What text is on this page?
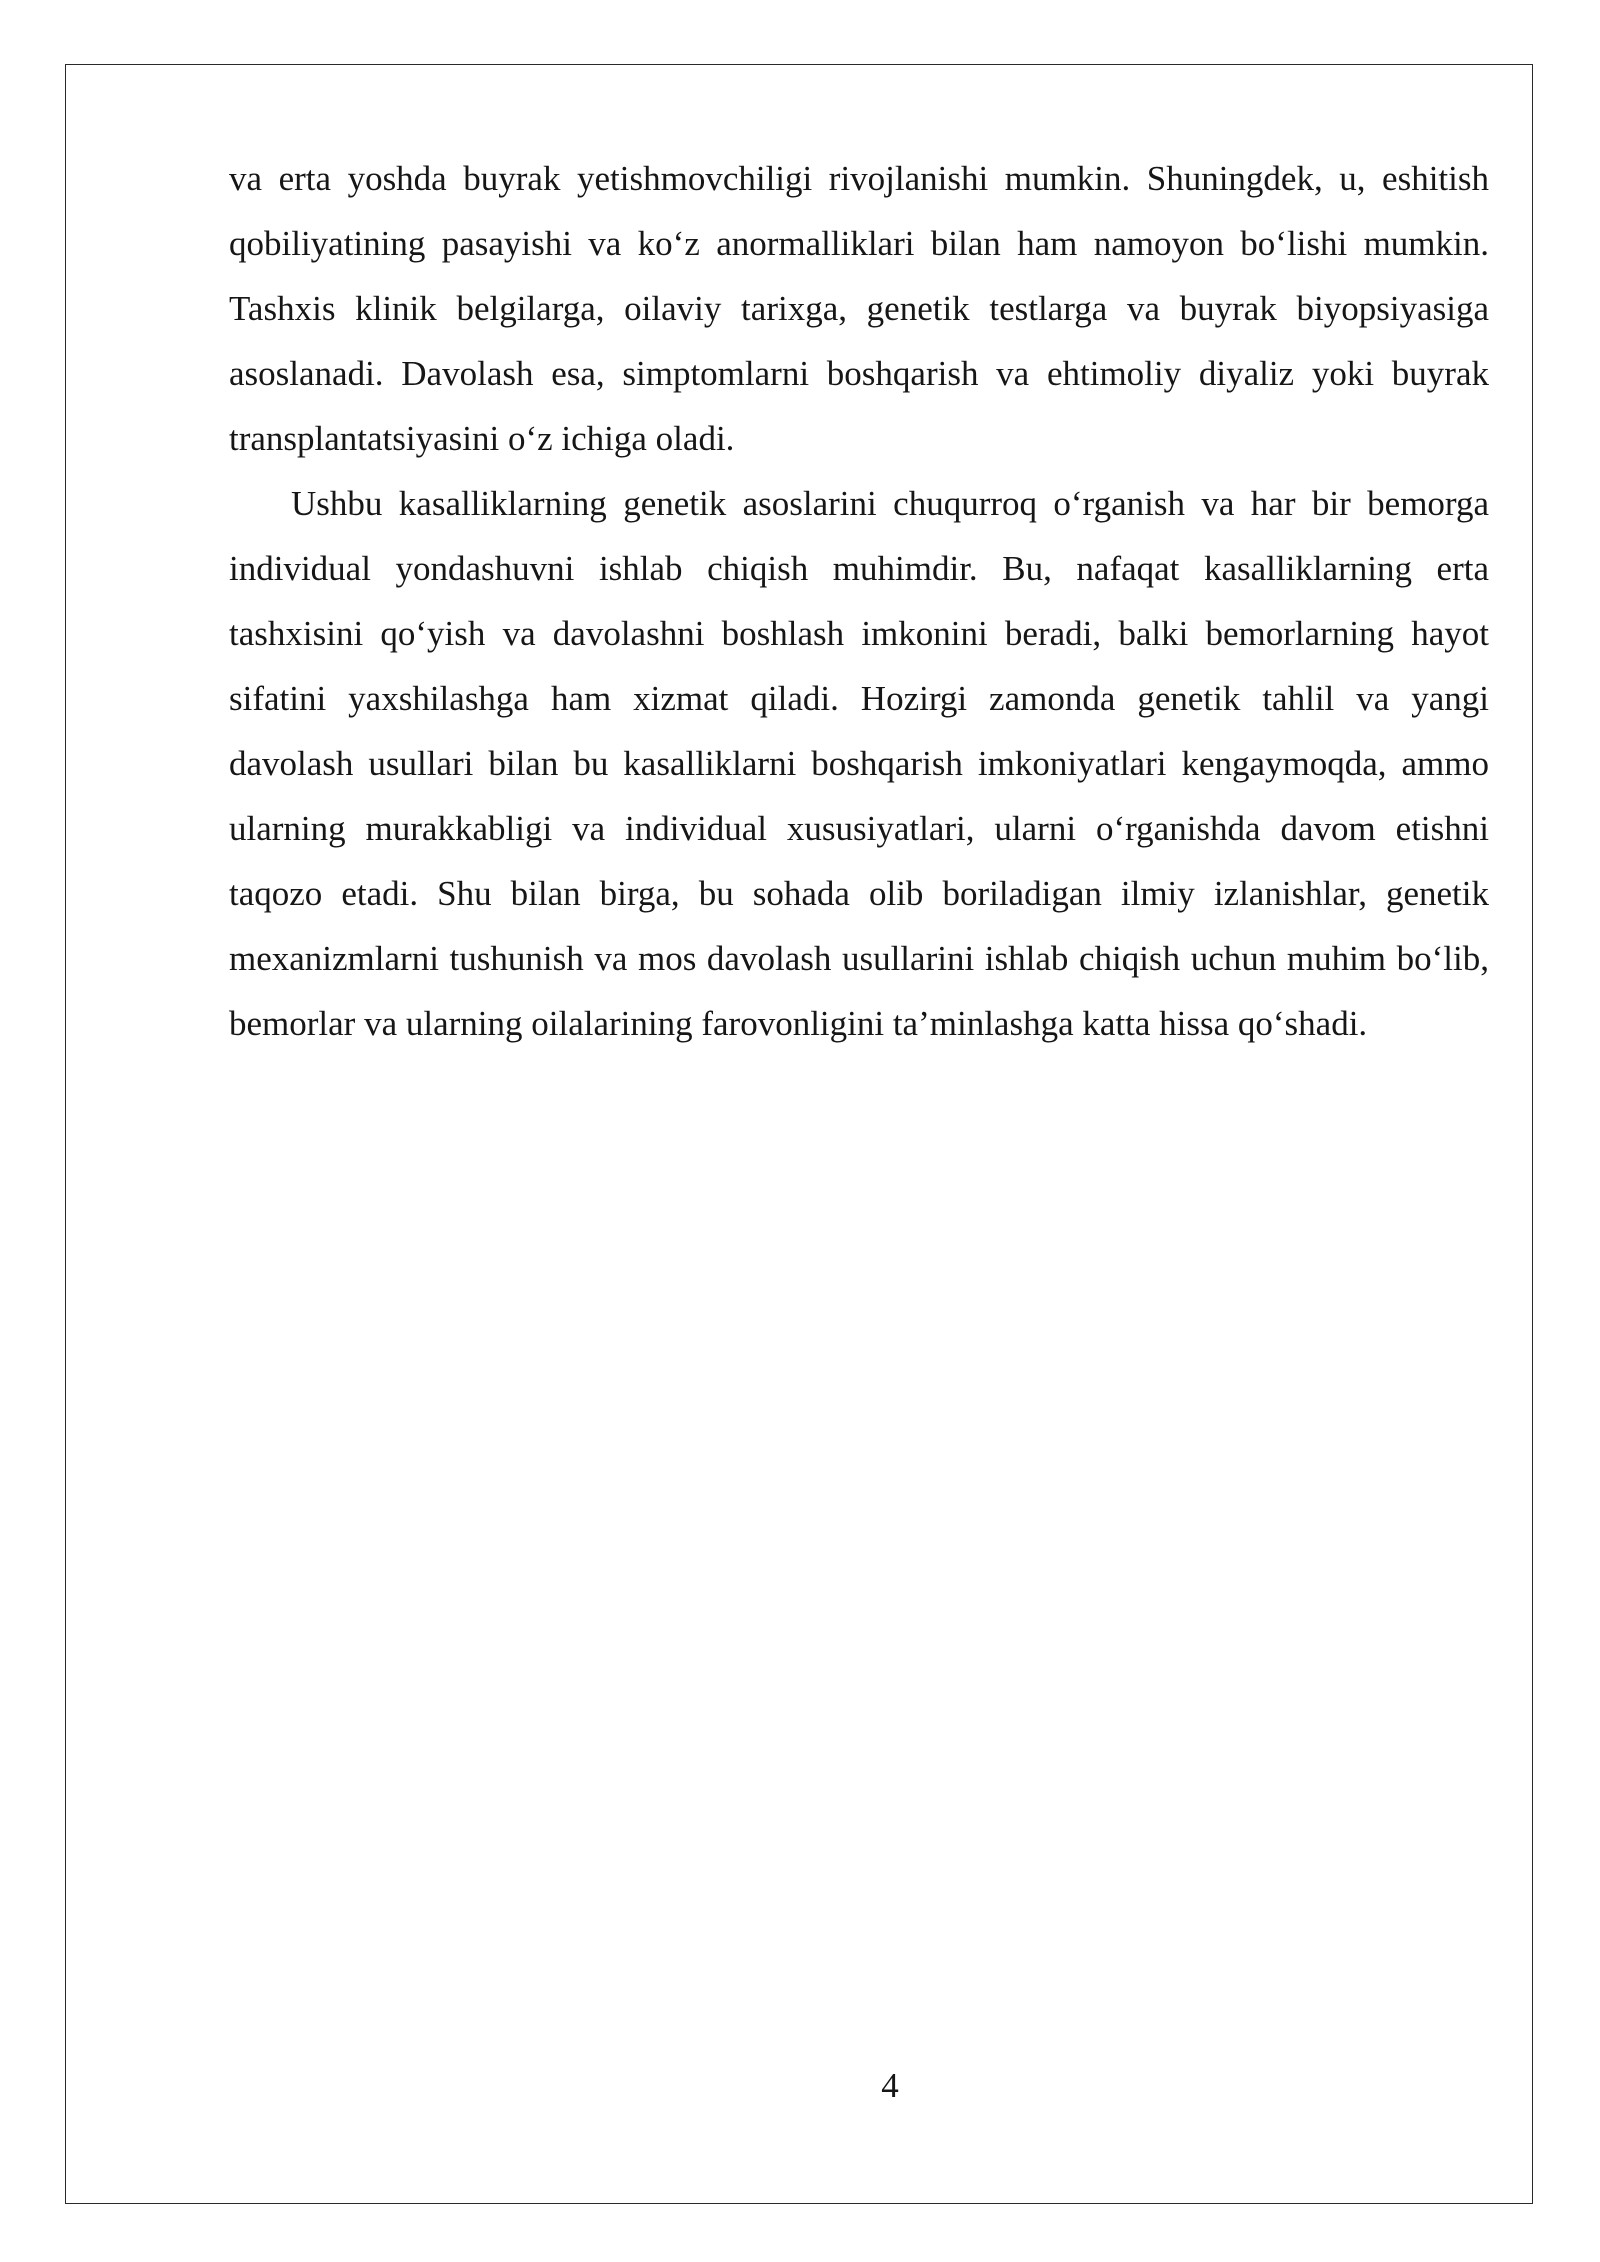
va erta yoshda buyrak yetishmovchiligi rivojlanishi mumkin. Shuningdek, u, eshitish qobiliyatining pasayishi va ko‘z anormalliklari bilan ham namoyon bo‘lishi mumkin. Tashxis klinik belgilarga, oilaviy tarixga, genetik testlarga va buyrak biyopsiyasiga asoslanadi. Davolash esa, simptomlarni boshqarish va ehtimoliy diyaliz yoki buyrak transplantatsiyasini o‘z ichiga oladi.

Ushbu kasalliklarning genetik asoslarini chuqurroq o‘rganish va har bir bemorga individual yondashuvni ishlab chiqish muhimdir. Bu, nafaqat kasalliklarning erta tashxisini qo‘yish va davolashni boshlash imkonini beradi, balki bemorlarning hayot sifatini yaxshilashga ham xizmat qiladi. Hozirgi zamonda genetik tahlil va yangi davolash usullari bilan bu kasalliklarni boshqarish imkoniyatlari kengaymoqda, ammo ularning murakkabligi va individual xususiyatlari, ularni o‘rganishda davom etishni taqozo etadi. Shu bilan birga, bu sohada olib boriladigan ilmiy izlanishlar, genetik mexanizmlarni tushunish va mos davolash usullarini ishlab chiqish uchun muhim bo‘lib, bemorlar va ularning oilalarining farovonligini ta’minlashga katta hissa qo‘shadi.

4
